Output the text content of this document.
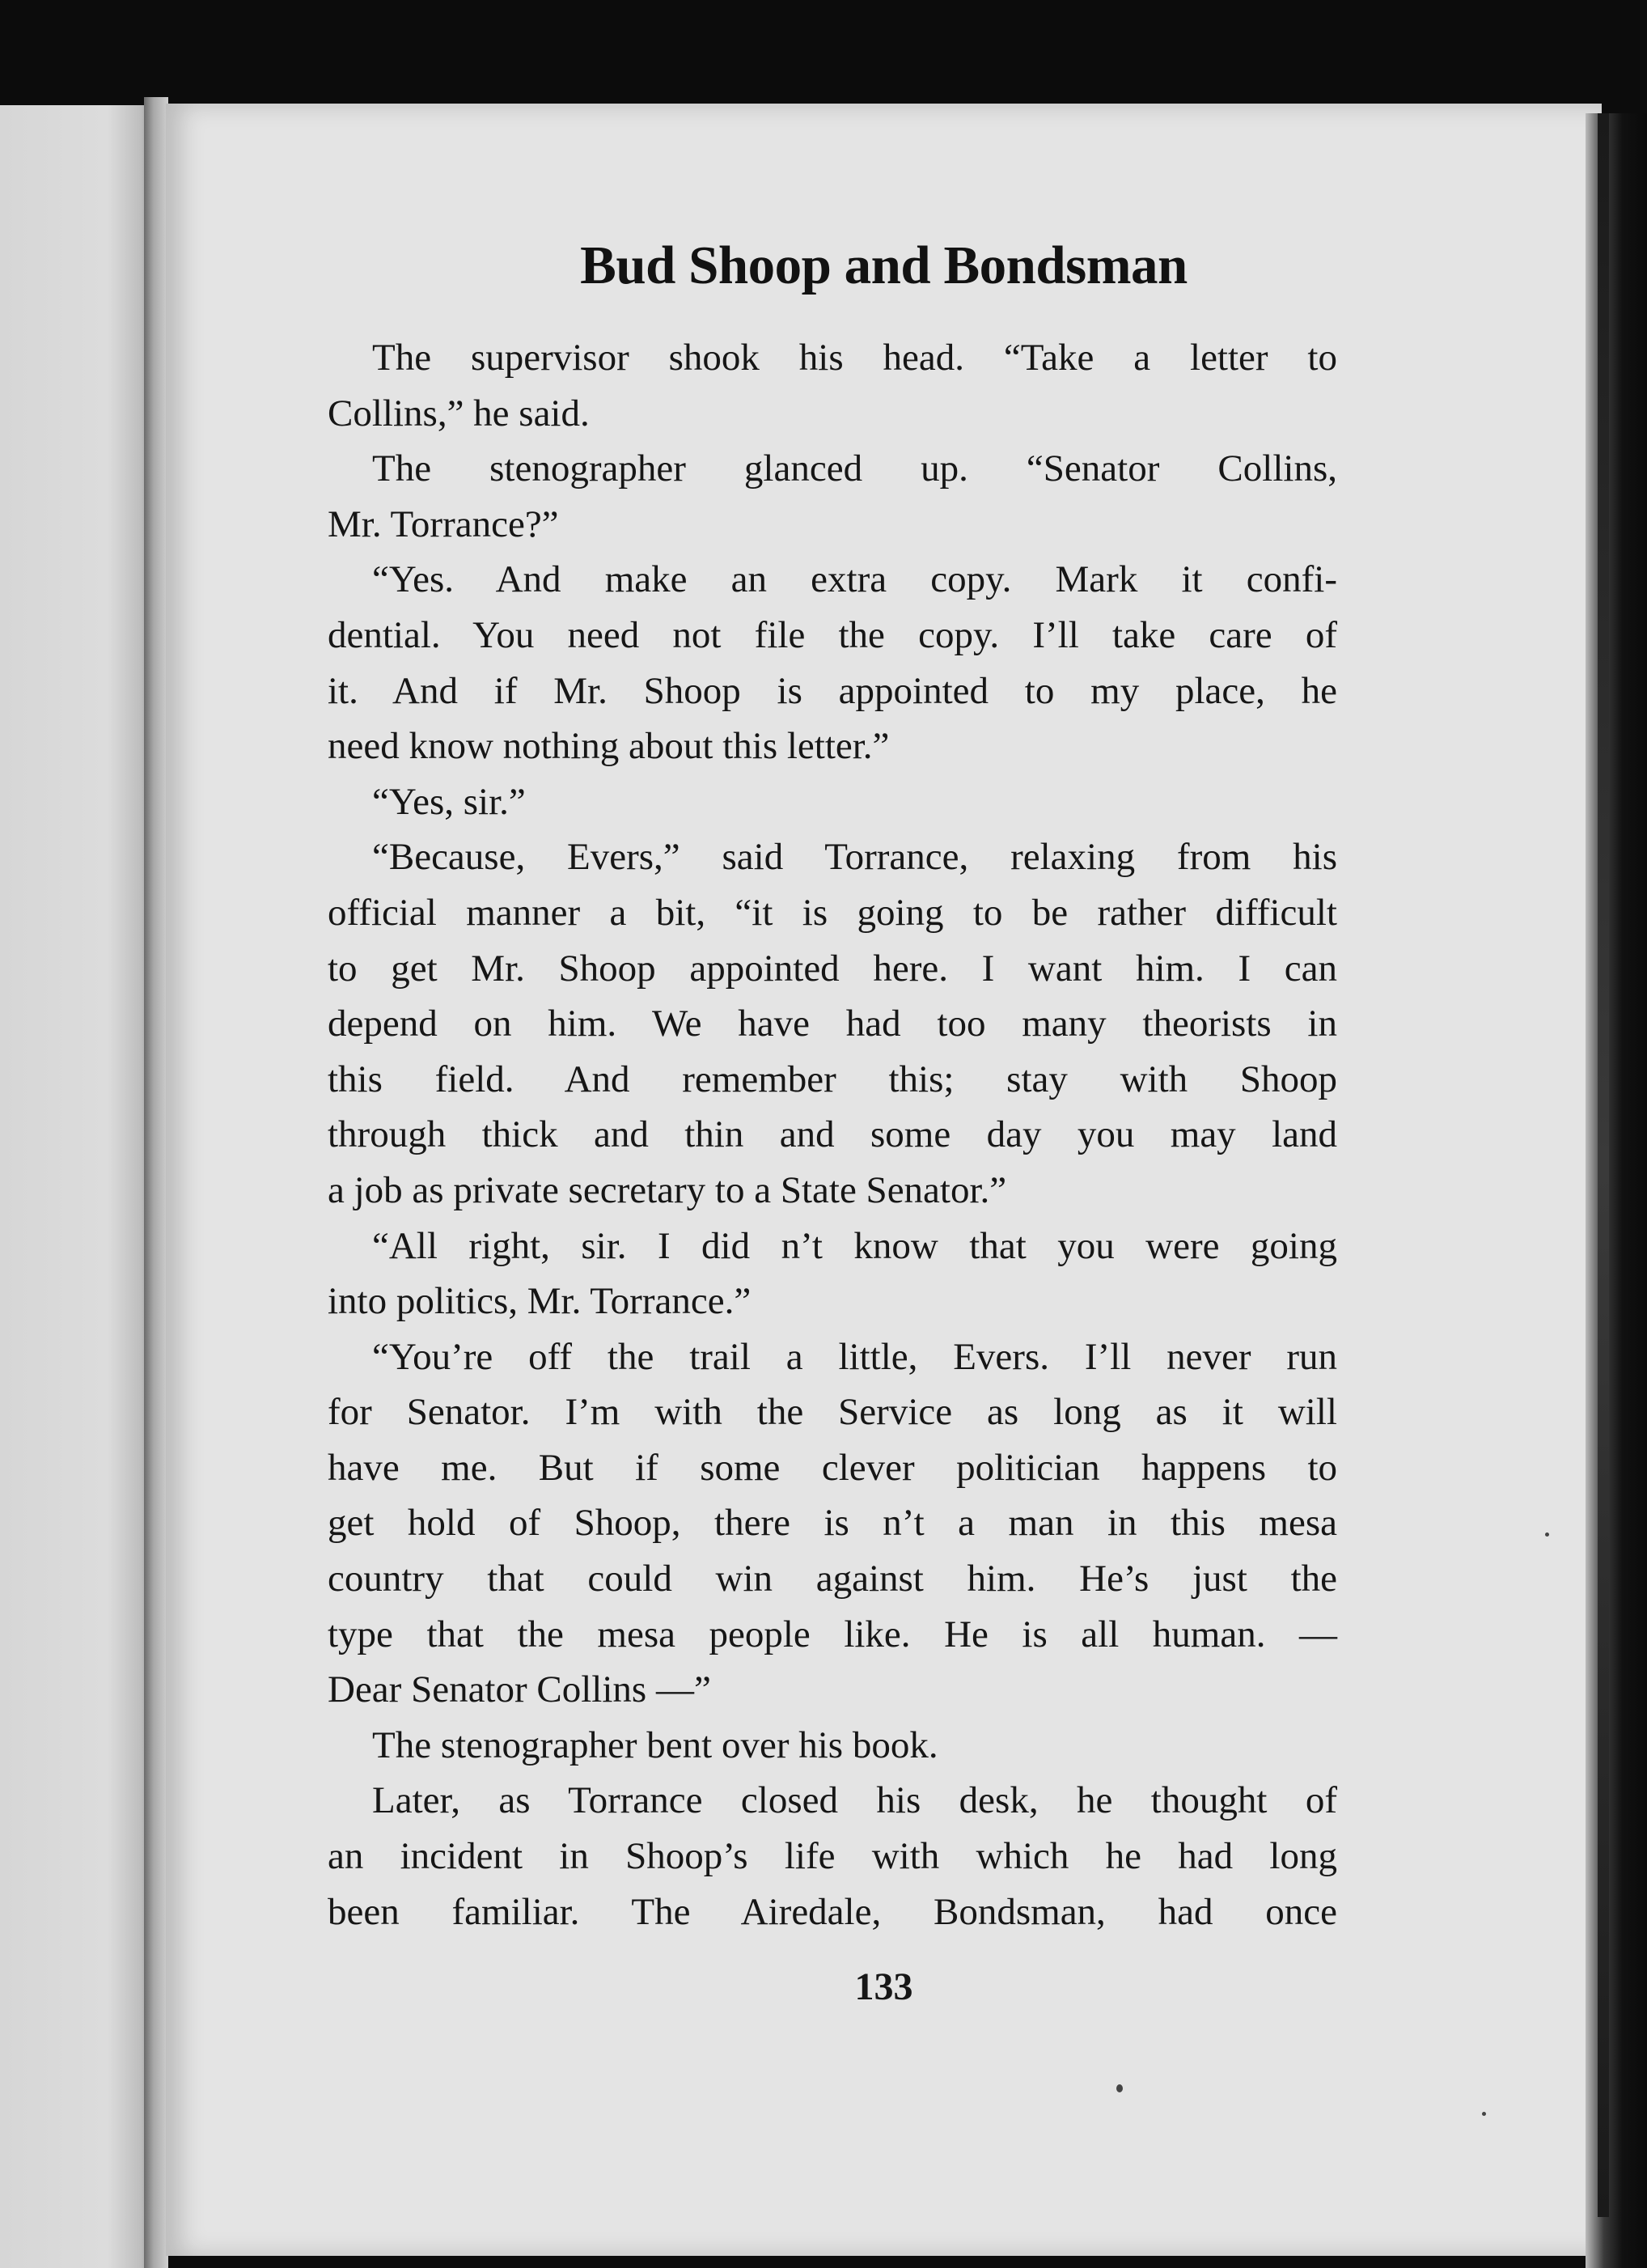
Bud Shoop and Bondsman
The supervisor shook his head. “Take a letter to
Collins,” he said.
The stenographer glanced up. “Senator Collins,
Mr. Torrance?”
“Yes. And make an extra copy. Mark it confi-
dential. You need not file the copy. I’ll take care of
it. And if Mr. Shoop is appointed to my place, he
need know nothing about this letter.”
“Yes, sir.”
“Because, Evers,” said Torrance, relaxing from his
official manner a bit, “it is going to be rather difficult
to get Mr. Shoop appointed here. I want him. I can
depend on him. We have had too many theorists in
this field. And remember this; stay with Shoop
through thick and thin and some day you may land
a job as private secretary to a State Senator.”
“All right, sir. I did n’t know that you were going
into politics, Mr. Torrance.”
“You’re off the trail a little, Evers. I’ll never run
for Senator. I’m with the Service as long as it will
have me. But if some clever politician happens to
get hold of Shoop, there is n’t a man in this mesa
country that could win against him. He’s just the
type that the mesa people like. He is all human. —
Dear Senator Collins —”
The stenographer bent over his book.
Later, as Torrance closed his desk, he thought of
an incident in Shoop’s life with which he had long
been familiar. The Airedale, Bondsman, had once
133
